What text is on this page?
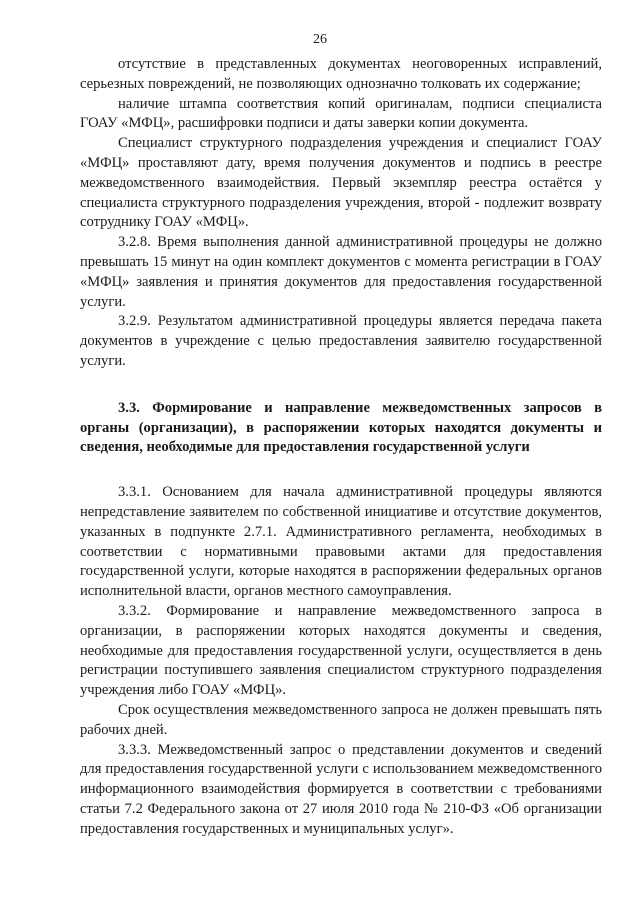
26

отсутствие в представленных документах неоговоренных исправлений, серьезных повреждений, не позволяющих однозначно толковать их содержание;

наличие штампа соответствия копий оригиналам, подписи специалиста ГОАУ «МФЦ», расшифровки подписи и даты заверки копии документа.

Специалист структурного подразделения учреждения и специалист ГОАУ «МФЦ» проставляют дату, время получения документов и подпись в реестре межведомственного взаимодействия. Первый экземпляр реестра остаётся у специалиста структурного подразделения учреждения, второй - подлежит возврату сотруднику ГОАУ «МФЦ».

3.2.8. Время выполнения данной административной процедуры не должно превышать 15 минут на один комплект документов с момента регистрации в ГОАУ «МФЦ» заявления и принятия документов для предоставления государственной услуги.

3.2.9. Результатом административной процедуры является передача пакета документов в учреждение с целью предоставления заявителю государственной услуги.

3.3. Формирование и направление межведомственных запросов в органы (организации), в распоряжении которых находятся документы и сведения, необходимые для предоставления государственной услуги

3.3.1. Основанием для начала административной процедуры являются непредставление заявителем по собственной инициативе и отсутствие документов, указанных в подпункте 2.7.1. Административного регламента, необходимых в соответствии с нормативными правовыми актами для предоставления государственной услуги, которые находятся в распоряжении федеральных органов исполнительной власти, органов местного самоуправления.

3.3.2. Формирование и направление межведомственного запроса в организации, в распоряжении которых находятся документы и сведения, необходимые для предоставления государственной услуги, осуществляется в день регистрации поступившего заявления специалистом структурного подразделения учреждения либо ГОАУ «МФЦ».

Срок осуществления межведомственного запроса не должен превышать пять рабочих дней.

3.3.3. Межведомственный запрос о представлении документов и сведений для предоставления государственной услуги с использованием межведомственного информационного взаимодействия формируется в соответствии с требованиями статьи 7.2 Федерального закона от 27 июля 2010 года № 210-ФЗ «Об организации предоставления государственных и муниципальных услуг».
